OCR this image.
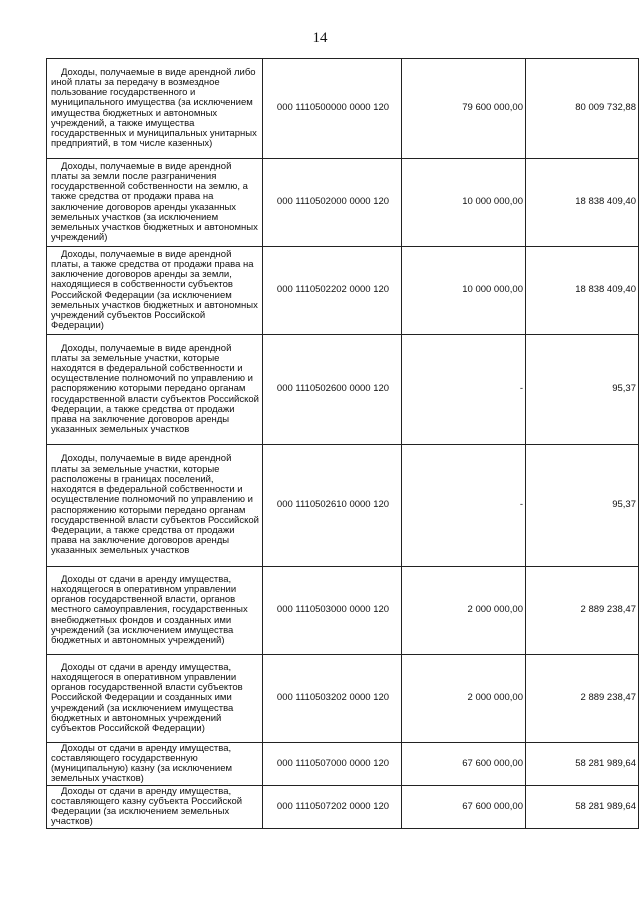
14
Доходы, получаемые в виде арендной либо иной платы за передачу в возмездное пользование государственного и муниципального имущества (за исключением имущества бюджетных и автономных учреждений, а также имущества государственных и муниципальных унитарных предприятий, в том числе казенных)	000 1110500000 0000 120	79 600 000,00	80 009 732,88

Доходы, получаемые в виде арендной платы за земли после разграничения государственной собственности на землю, а также средства от продажи права на заключение договоров аренды указанных земельных участков (за исключением земельных участков бюджетных и автономных учреждений)	000 1110502000 0000 120	10 000 000,00	18 838 409,40

Доходы, получаемые в виде арендной платы, а также средства от продажи права на заключение договоров аренды за земли, находящиеся в собственности субъектов Российской Федерации (за исключением земельных участков бюджетных и автономных учреждений субъектов Российской Федерации)	000 1110502202 0000 120	10 000 000,00	18 838 409,40

Доходы, получаемые в виде арендной платы за земельные участки, которые находятся в федеральной собственности и осуществление полномочий по управлению и распоряжению которыми передано органам государственной власти субъектов Российской Федерации, а также средства от продажи права на заключение договоров аренды указанных земельных участков	000 1110502600 0000 120	-	95,37

Доходы, получаемые в виде арендной платы за земельные участки, которые расположены в границах поселений, находятся в федеральной собственности и осуществление полномочий по управлению и распоряжению которыми передано органам государственной власти субъектов Российской Федерации, а также средства от продажи права на заключение договоров аренды указанных земельных участков	000 1110502610 0000 120	-	95,37

Доходы от сдачи в аренду имущества, находящегося в оперативном управлении органов государственной власти, органов местного самоуправления, государственных внебюджетных фондов и созданных ими учреждений (за исключением имущества бюджетных и автономных учреждений)	000 1110503000 0000 120	2 000 000,00	2 889 238,47

Доходы от сдачи в аренду имущества, находящегося в оперативном управлении органов государственной власти субъектов Российской Федерации и созданных ими учреждений (за исключением имущества бюджетных и автономных учреждений субъектов Российской Федерации)	000 1110503202 0000 120	2 000 000,00	2 889 238,47

Доходы от сдачи в аренду имущества, составляющего государственную (муниципальную) казну (за исключением земельных участков)	000 1110507000 0000 120	67 600 000,00	58 281 989,64

Доходы от сдачи в аренду имущества, составляющего казну субъекта Российской Федерации (за исключением земельных участков)	000 1110507202 0000 120	67 600 000,00	58 281 989,64
